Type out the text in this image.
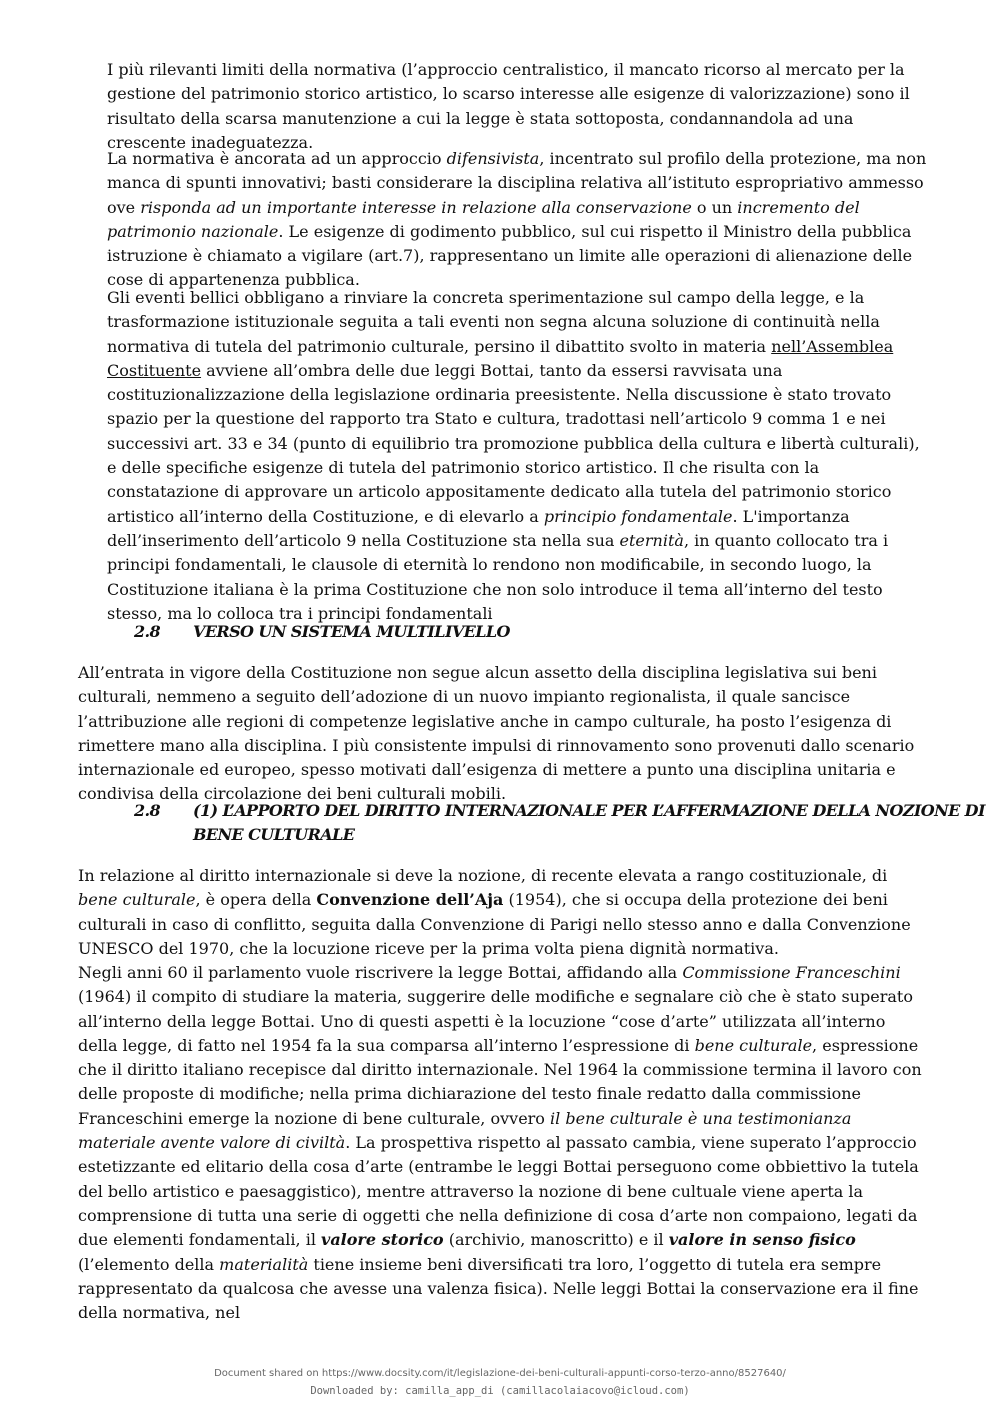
I più rilevanti limiti della normativa (l’approccio centralistico, il mancato ricorso al mercato per la gestione del patrimonio storico artistico, lo scarso interesse alle esigenze di valorizzazione) sono il risultato della scarsa manutenzione a cui la legge è stata sottoposta, condannandola ad una crescente inadeguatezza.

La normativa è ancorata ad un approccio difensivista, incentrato sul profilo della protezione, ma non manca di spunti innovativi; basti considerare la disciplina relativa all’istituto espropriativo ammesso ove risponda ad un importante interesse in relazione alla conservazione o un incremento del patrimonio nazionale. Le esigenze di godimento pubblico, sul cui rispetto il Ministro della pubblica istruzione è chiamato a vigilare (art.7), rappresentano un limite alle operazioni di alienazione delle cose di appartenenza pubblica.

Gli eventi bellici obbligano a rinviare la concreta sperimentazione sul campo della legge, e la trasformazione istituzionale seguita a tali eventi non segna alcuna soluzione di continuità nella normativa di tutela del patrimonio culturale, persino il dibattito svolto in materia nell’Assemblea Costituente avviene all’ombra delle due leggi Bottai, tanto da essersi ravvisata una costituzionalizzazione della legislazione ordinaria preesistente. Nella discussione è stato trovato spazio per la questione del rapporto tra Stato e cultura, tradottasi nell’articolo 9 comma 1 e nei successivi art. 33 e 34 (punto di equilibrio tra promozione pubblica della cultura e libertà culturali), e delle specifiche esigenze di tutela del patrimonio storico artistico. Il che risulta con la constatazione di approvare un articolo appositamente dedicato alla tutela del patrimonio storico artistico all’interno della Costituzione, e di elevarlo a principio fondamentale. L'importanza dell’inserimento dell’articolo 9 nella Costituzione sta nella sua eternità, in quanto collocato tra i principi fondamentali, le clausole di eternità lo rendono non modificabile, in secondo luogo, la Costituzione italiana è la prima Costituzione che non solo introduce il tema all’interno del testo stesso, ma lo colloca tra i principi fondamentali

2.8 VERSO UN SISTEMA MULTILIVELLO

All’entrata in vigore della Costituzione non segue alcun assetto della disciplina legislativa sui beni culturali, nemmeno a seguito dell’adozione di un nuovo impianto regionalista, il quale sancisce l’attribuzione alle regioni di competenze legislative anche in campo culturale, ha posto l’esigenza di rimettere mano alla disciplina. I più consistente impulsi di rinnovamento sono provenuti dallo scenario internazionale ed europeo, spesso motivati dall’esigenza di mettere a punto una disciplina unitaria e condivisa della circolazione dei beni culturali mobili.

2.8 (1) L’APPORTO DEL DIRITTO INTERNAZIONALE PER L’AFFERMAZIONE DELLA NOZIONE DI
BENE CULTURALE

In relazione al diritto internazionale si deve la nozione, di recente elevata a rango costituzionale, di bene culturale, è opera della Convenzione dell’Aja (1954), che si occupa della protezione dei beni culturali in caso di conflitto, seguita dalla Convenzione di Parigi nello stesso anno e dalla Convenzione UNESCO del 1970, che la locuzione riceve per la prima volta piena dignità normativa.

Negli anni 60 il parlamento vuole riscrivere la legge Bottai, affidando alla Commissione Franceschini (1964) il compito di studiare la materia, suggerire delle modifiche e segnalare ciò che è stato superato all’interno della legge Bottai. Uno di questi aspetti è la locuzione “cose d’arte” utilizzata all’interno della legge, di fatto nel 1954 fa la sua comparsa all’interno l’espressione di bene culturale, espressione che il diritto italiano recepisce dal diritto internazionale. Nel 1964 la commissione termina il lavoro con delle proposte di modifiche; nella prima dichiarazione del testo finale redatto dalla commissione Franceschini emerge la nozione di bene culturale, ovvero il bene culturale è una testimonianza materiale avente valore di civiltà. La prospettiva rispetto al passato cambia, viene superato l’approccio estetizzante ed elitario della cosa d’arte (entrambe le leggi Bottai perseguono come obbiettivo la tutela del bello artistico e paesaggistico), mentre attraverso la nozione di bene cultuale viene aperta la comprensione di tutta una serie di oggetti che nella definizione di cosa d’arte non compaiono, legati da due elementi fondamentali, il valore storico (archivio, manoscritto) e il valore in senso fisico (l’elemento della materialità tiene insieme beni diversificati tra loro, l’oggetto di tutela era sempre rappresentato da qualcosa che avesse una valenza fisica). Nelle leggi Bottai la conservazione era il fine della normativa, nel

Document shared on https://www.docsity.com/it/legislazione-dei-beni-culturali-appunti-corso-terzo-anno/8527640/
Downloaded by: camilla_app_di (camillacolaiacovo@icloud.com)
